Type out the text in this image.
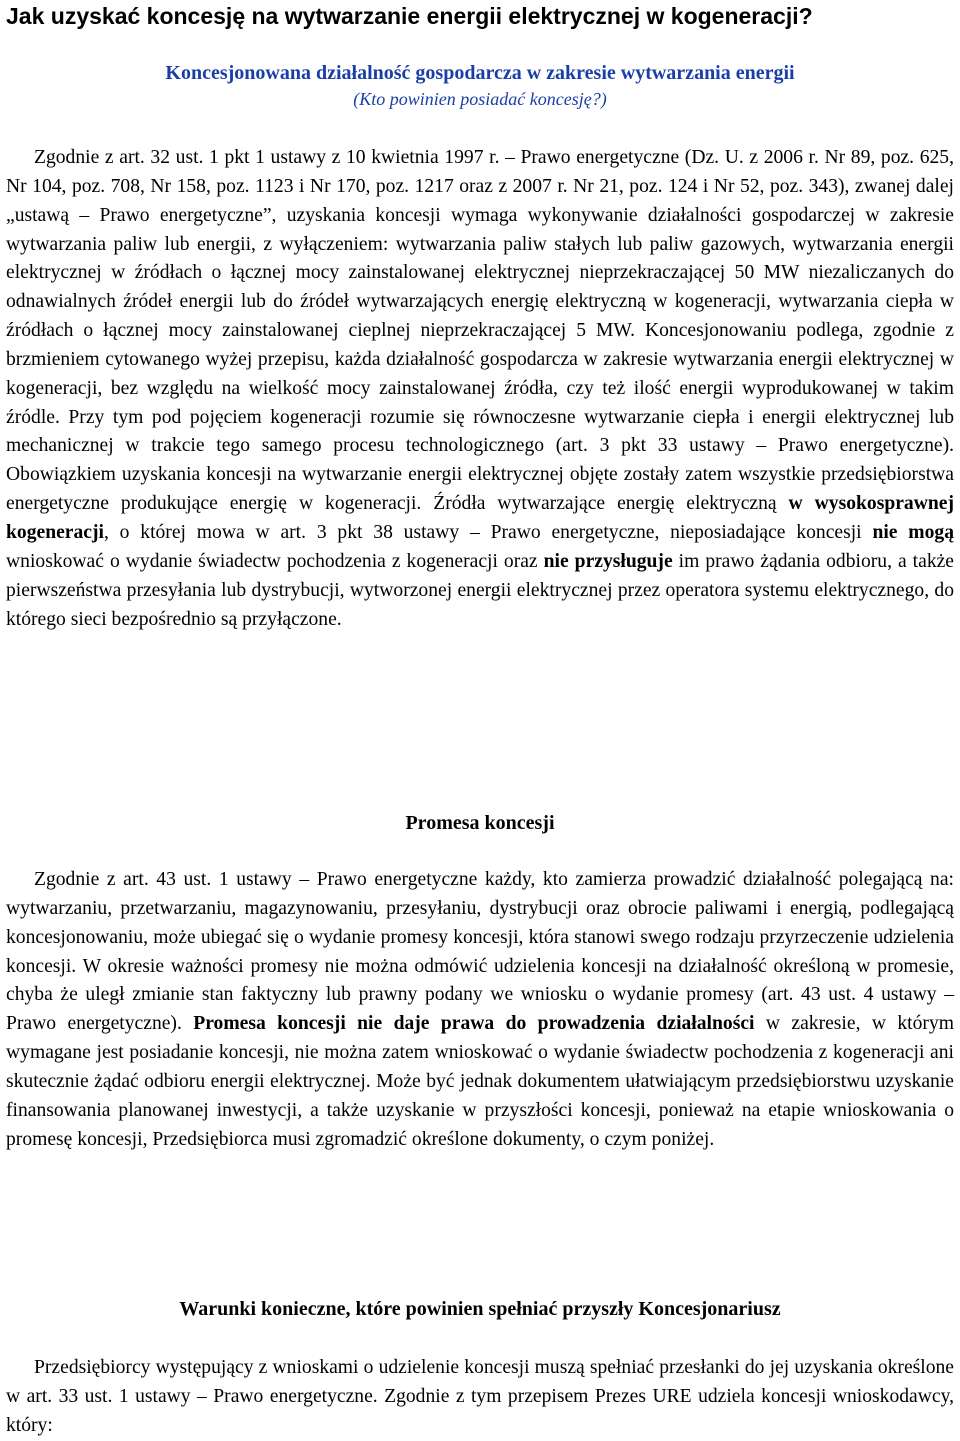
Jak uzyskać koncesję na wytwarzanie energii elektrycznej w kogeneracji?
Koncesjonowana działalność gospodarcza w zakresie wytwarzania energii
(Kto powinien posiadać koncesję?)

Zgodnie z art. 32 ust. 1 pkt 1 ustawy z 10 kwietnia 1997 r. – Prawo energetyczne (Dz. U. z 2006 r. Nr 89, poz. 625, Nr 104, poz. 708, Nr 158, poz. 1123 i Nr 170, poz. 1217 oraz z 2007 r. Nr 21, poz. 124 i Nr 52, poz. 343), zwanej dalej „ustawą – Prawo energetyczne”, uzyskania koncesji wymaga wykonywanie działalności gospodarczej w zakresie wytwarzania paliw lub energii, z wyłączeniem: wytwarzania paliw stałych lub paliw gazowych, wytwarzania energii elektrycznej w źródłach o łącznej mocy zainstalowanej elektrycznej nieprzekraczającej 50 MW niezaliczanych do odnawialnych źródeł energii lub do źródeł wytwarzających energię elektryczną w kogeneracji, wytwarzania ciepła w źródłach o łącznej mocy zainstalowanej cieplnej nieprzekraczającej 5 MW. Koncesjonowaniu podlega, zgodnie z brzmieniem cytowanego wyżej przepisu, każda działalność gospodarcza w zakresie wytwarzania energii elektrycznej w kogeneracji, bez względu na wielkość mocy zainstalowanej źródła, czy też ilość energii wyprodukowanej w takim źródle. Przy tym pod pojęciem kogeneracji rozumie się równoczesne wytwarzanie ciepła i energii elektrycznej lub mechanicznej w trakcie tego samego procesu technologicznego (art. 3 pkt 33 ustawy – Prawo energetyczne). Obowiązkiem uzyskania koncesji na wytwarzanie energii elektrycznej objęte zostały zatem wszystkie przedsiębiorstwa energetyczne produkujące energię w kogeneracji. Źródła wytwarzające energię elektryczną w wysokosprawnej kogeneracji, o której mowa w art. 3 pkt 38 ustawy – Prawo energetyczne, nieposiadające koncesji nie mogą wnioskować o wydanie świadectw pochodzenia z kogeneracji oraz nie przysługuje im prawo żądania odbioru, a także pierwszeństwa przesyłania lub dystrybucji, wytworzonej energii elektrycznej przez operatora systemu elektrycznego, do którego sieci bezpośrednio są przyłączone.

Promesa koncesji

Zgodnie z art. 43 ust. 1 ustawy – Prawo energetyczne każdy, kto zamierza prowadzić działalność polegającą na: wytwarzaniu, przetwarzaniu, magazynowaniu, przesyłaniu, dystrybucji oraz obrocie paliwami i energią, podlegającą koncesjonowaniu, może ubiegać się o wydanie promesy koncesji, która stanowi swego rodzaju przyrzeczenie udzielenia koncesji. W okresie ważności promesy nie można odmówić udzielenia koncesji na działalność określoną w promesie, chyba że uległ zmianie stan faktyczny lub prawny podany we wniosku o wydanie promesy (art. 43 ust. 4 ustawy – Prawo energetyczne). Promesa koncesji nie daje prawa do prowadzenia działalności w zakresie, w którym wymagane jest posiadanie koncesji, nie można zatem wnioskować o wydanie świadectw pochodzenia z kogeneracji ani skutecznie żądać odbioru energii elektrycznej. Może być jednak dokumentem ułatwiającym przedsiębiorstwu uzyskanie finansowania planowanej inwestycji, a także uzyskanie w przyszłości koncesji, ponieważ na etapie wnioskowania o promesę koncesji, Przedsiębiorca musi zgromadzić określone dokumenty, o czym poniżej.

Warunki konieczne, które powinien spełniać przyszły Koncesjonariusz

Przedsiębiorcy występujący z wnioskami o udzielenie koncesji muszą spełniać przesłanki do jej uzyskania określone w art. 33 ust. 1 ustawy – Prawo energetyczne. Zgodnie z tym przepisem Prezes URE udziela koncesji wnioskodawcy, który:
